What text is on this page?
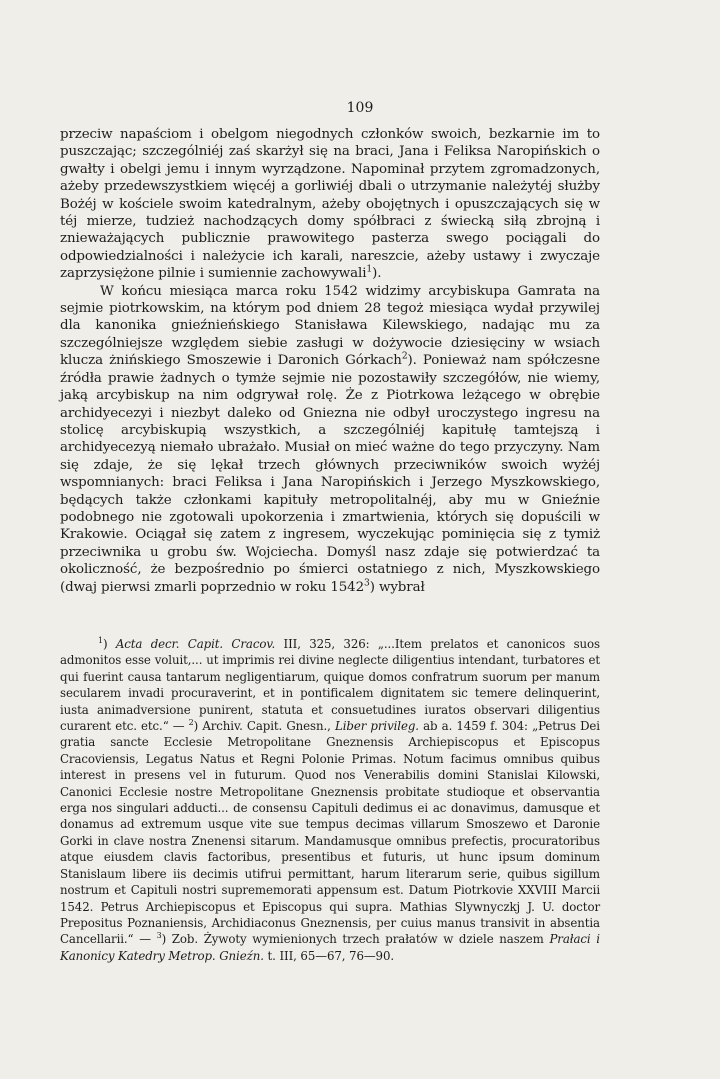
109

przeciw napaściom i obelgom niegodnych członków swoich, bezkarnie im to puszczając; szczególniéj zaś skarżył się na braci, Jana i Feliksa Naropińskich o gwałty i obelgi jemu i innym wyrządzone. Napominał przytem zgromadzonych, ażeby przedewszystkiem więcéj a gorliwiéj dbali o utrzymanie należytéj służby Bożéj w kościele swoim katedralnym, ażeby obojętnych i opuszczających się w téj mierze, tudzież nachodzących domy spółbraci z świecką siłą zbrojną i znieważających publicznie prawowitego pasterza swego pociągali do odpowiedzialności i należycie ich karali, nareszcie, ażeby ustawy i zwyczaje zaprzysiężone pilnie i sumiennie zachowywali$^1$).

W końcu miesiąca marca roku 1542 widzimy arcybiskupa Gamrata na sejmie piotrkowskim, na którym pod dniem 28 tegoż miesiąca wydał przywilej dla kanonika gnieźnieńskiego Stanisława Kilewskiego, nadając mu za szczególniejsze względem siebie zasługi w dożywocie dziesięciny w wsiach klucza żnińskiego Smoszewie i Daronich Górkach$^2$). Ponieważ nam spółczesne źródła prawie żadnych o tymże sejmie nie pozostawiły szczegółów, nie wiemy, jaką arcybiskup na nim odgrywał rolę. Że z Piotrkowa leżącego w obrębie archidyecezyi i niezbyt daleko od Gniezna nie odbył uroczystego ingresu na stolicę arcybiskupią wszystkich, a szczególniéj kapitułę tamtejszą i archidyecezyą niemało ubrażało. Musiał on mieć ważne do tego przyczyny. Nam się zdaje, że się lękał trzech głównych przeciwników swoich wyżéj wspomnianych: braci Feliksa i Jana Naropińskich i Jerzego Myszkowskiego, będących także członkami kapituły metropolitalnéj, aby mu w Gnieźnie podobnego nie zgotowali upokorzenia i zmartwienia, których się dopuścili w Krakowie. Ociągał się zatem z ingresem, wyczekując pominięcia się z tymiż przeciwnika u grobu św. Wojciecha. Domyśl nasz zdaje się potwierdzać ta okoliczność, że bezpośrednio po śmierci ostatniego z nich, Myszkowskiego (dwaj pierwsi zmarli poprzednio w roku 1542$^3$) wybrał

$^1$) Acta decr. Capit. Cracov. III, 325, 326: „...Item prelatos et canonicos suos admonitos esse voluit,... ut imprimis rei divine neglecte diligentius intendant, turbatores et qui fuerint causa tantarum negligentiarum, quique domos confratrum suorum per manum secularem invadi procuraverint, et in pontificalem dignitatem sic temere delinquerint, iusta animadversione punirent, statuta et consuetudines iuratos observari diligentius curarent etc. etc.“ — $^2$) Archiv. Capit. Gnesn., Liber privileg. ab a. 1459 f. 304: „Petrus Dei gratia sancte Ecclesie Metropolitane Gneznensis Archiepiscopus et Episcopus Cracoviensis, Legatus Natus et Regni Polonie Primas. Notum facimus omnibus quibus interest in presens vel in futurum. Quod nos Venerabilis domini Stanislai Kilowski, Canonici Ecclesie nostre Metropolitane Gneznensis probitate studioque et observantia erga nos singulari adducti... de consensu Capituli dedimus ei ac donavimus, damusque et donamus ad extremum usque vite sue tempus decimas villarum Smoszewo et Daronie Gorki in clave nostra Znenensi sitarum. Mandamusque omnibus prefectis, procuratoribus atque eiusdem clavis factoribus, presentibus et futuris, ut hunc ipsum dominum Stanislaum libere iis decimis utifrui permittant, harum literarum serie, quibus sigillum nostrum et Capituli nostri suprememorati appensum est. Datum Piotrkovie XXVIII Marcii 1542. Petrus Archiepiscopus et Episcopus qui supra. Mathias Slywnyczkj J. U. doctor Prepositus Poznaniensis, Archidiaconus Gneznensis, per cuius manus transivit in absentia Cancellarii.“ — $^3$) Zob. Żywoty wymienionych trzech prałatów w dziele naszem Prałaci i Kanonicy Katedry Metrop. Gnieźn. t. III, 65—67, 76—90.
